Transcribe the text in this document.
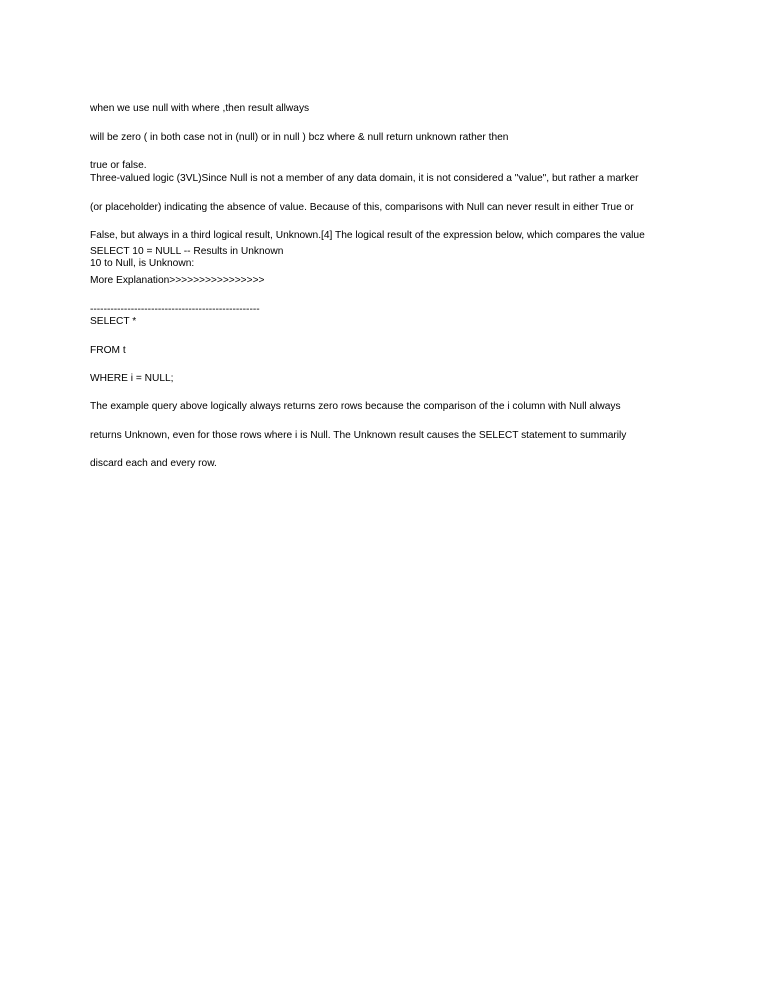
when we use null with where ,then result allways

will be zero ( in both case not in (null) or in null ) bcz where & null return unknown rather then

true or false.

Three-valued logic (3VL)Since Null is not a member of any data domain, it is not considered a "value", but rather a marker

(or placeholder) indicating the absence of value. Because of this, comparisons with Null can never result in either True or

False, but always in a third logical result, Unknown.[4] The logical result of the expression below, which compares the value

10 to Null, is Unknown:

SELECT 10 = NULL -- Results in Unknown

More Explanation>>>>>>>>>>>>>>>>

--------------------------------------------------

SELECT *

FROM t

WHERE i = NULL;

The example query above logically always returns zero rows because the comparison of the i column with Null always

returns Unknown, even for those rows where i is Null. The Unknown result causes the SELECT statement to summarily

discard each and every row.
